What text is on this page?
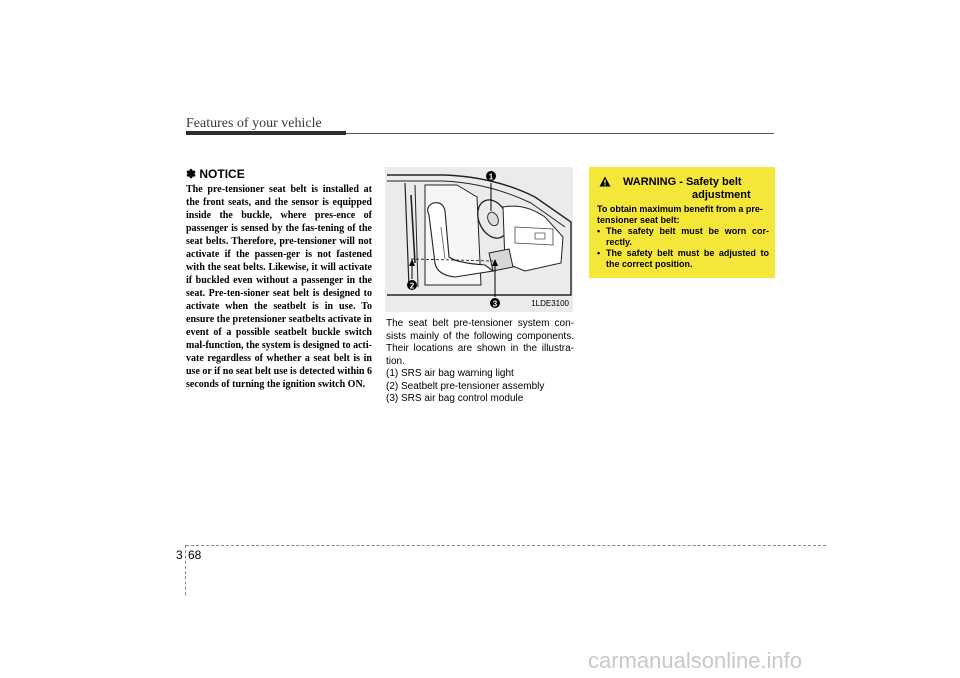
Features of your vehicle
✽ NOTICE
The pre-tensioner seat belt is installed at the front seats, and the sensor is equipped inside the buckle, where pres-ence of passenger is sensed by the fas-tening of the seat belts. Therefore, pre-tensioner will not activate if the passen-ger is not fastened with the seat belts. Likewise, it will activate if buckled even without a passenger in the seat. Pre-ten-sioner seat belt is designed to activate when the seatbelt is in use. To ensure the pretensioner seatbelts activate in event of a possible seatbelt buckle switch mal-function, the system is designed to acti-vate regardless of whether a seat belt is in use or if no seat belt use is detected within 6 seconds of turning the ignition switch ON.
1
2
3	1LDE3100

The seat belt pre-tensioner system con-sists mainly of the following components. Their locations are shown in the illustra-tion.

(1) SRS air bag warning light
(2) Seatbelt pre-tensioner assembly
(3) SRS air bag control module
WARNING - Safety belt
adjustment
To obtain maximum benefit from a pre-tensioner seat belt:
• The safety belt must be worn cor-rectly.
• The safety belt must be adjusted to the correct position.
3 68
carmanualsonline.info
